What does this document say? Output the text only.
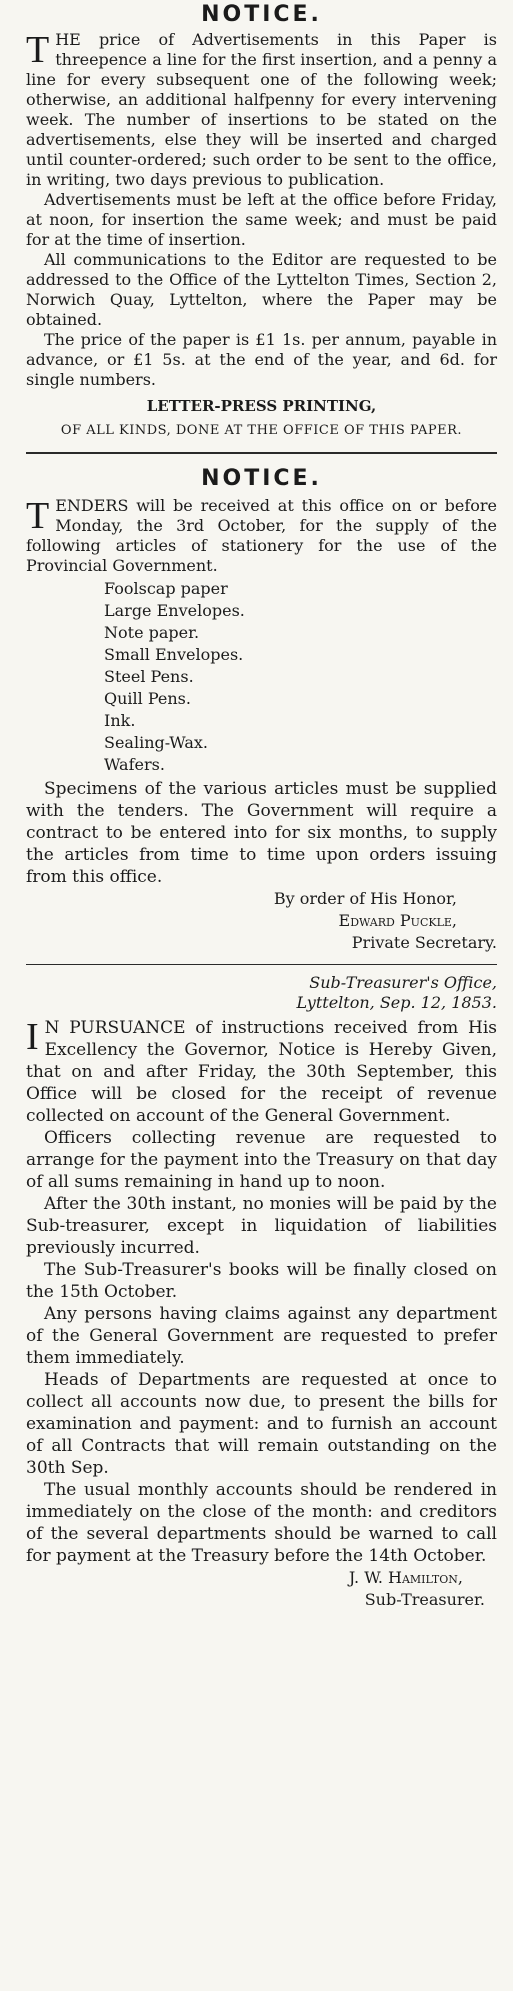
NOTICE.

THE price of Advertisements in this Paper is threepence a line for the first insertion, and a penny a line for every subsequent one of the following week; otherwise, an additional halfpenny for every intervening week. The number of insertions to be stated on the advertisements, else they will be inserted and charged until counter-ordered; such order to be sent to the office, in writing, two days previous to publication.

Advertisements must be left at the office before Friday, at noon, for insertion the same week; and must be paid for at the time of insertion.

All communications to the Editor are requested to be addressed to the Office of the Lyttelton Times, Section 2, Norwich Quay, Lyttelton, where the Paper may be obtained.

The price of the paper is £1 1s. per annum, payable in advance, or £1 5s. at the end of the year, and 6d. for single numbers.

LETTER-PRESS PRINTING,
OF ALL KINDS, DONE AT THE OFFICE OF THIS PAPER.
NOTICE.

TENDERS will be received at this office on or before Monday, the 3rd October, for the supply of the following articles of stationery for the use of the Provincial Government.

Foolscap paper
Large Envelopes.
Note paper.
Small Envelopes.
Steel Pens.
Quill Pens.
Ink.
Sealing-Wax.
Wafers.

Specimens of the various articles must be supplied with the tenders. The Government will require a contract to be entered into for six months, to supply the articles from time to time upon orders issuing from this office.

By order of His Honor,

Edward Puckle,

Private Secretary.

Sub-Treasurer's Office,

Lyttelton, Sep. 12, 1853.

I N PURSUANCE of instructions received from His Excellency the Governor, Notice is Hereby Given, that on and after Friday, the 30th September, this Office will be closed for the receipt of revenue collected on account of the General Government.

Officers collecting revenue are requested to arrange for the payment into the Treasury on that day of all sums remaining in hand up to noon.

After the 30th instant, no monies will be paid by the Sub-treasurer, except in liquidation of liabilities previously incurred.

The Sub-Treasurer's books will be finally closed on the 15th October.

Any persons having claims against any department of the General Government are requested to prefer them immediately.

Heads of Departments are requested at once to collect all accounts now due, to present the bills for examination and payment: and to furnish an account of all Contracts that will remain outstanding on the 30th Sep.

The usual monthly accounts should be rendered in immediately on the close of the month: and creditors of the several departments should be warned to call for payment at the Treasury before the 14th October.

J. W. Hamilton,

Sub-Treasurer.
